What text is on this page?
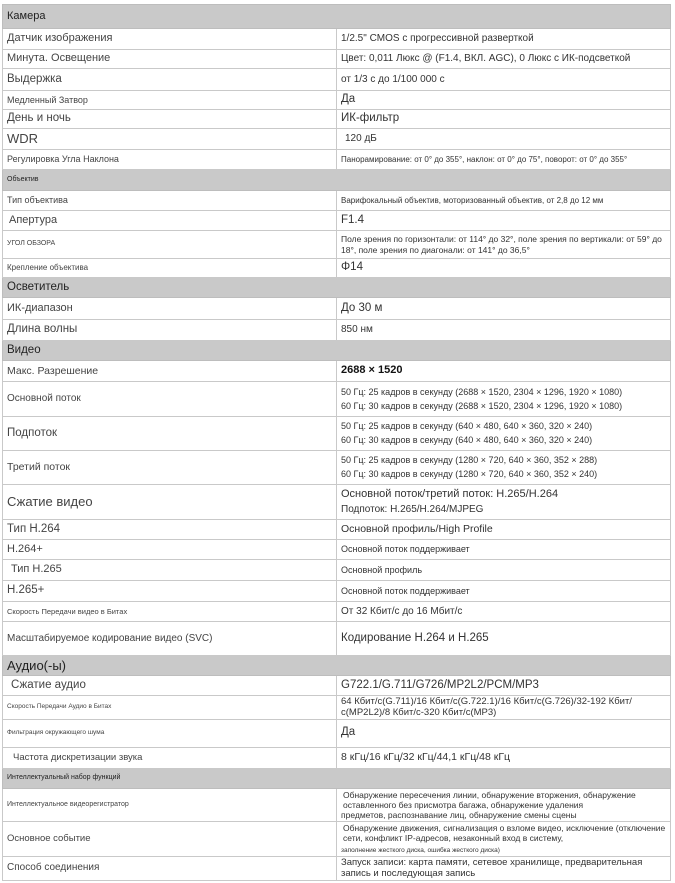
Камера	
Датчик изображения	1/2.5" CMOS с прогрессивной разверткой
Минута. Освещение	Цвет: 0,011 Люкс @ (F1.4, ВКЛ. AGC), 0 Люкс с ИК-подсветкой
Выдержка	от 1/3 с до 1/100 000 с
Медленный Затвор	Да
День и ночь	ИК-фильтр
WDR	120 дБ
Регулировка Угла Наклона	Панорамирование: от 0° до 355°, наклон: от 0° до 75°, поворот: от 0° до 355°
Объектив	
Тип объектива	Варифокальный объектив, моторизованный объектив, от 2,8 до 12 мм
Апертура	F1.4
УГОЛ ОБЗОРА	Поле зрения по горизонтали: от 114° до 32°, поле зрения по вертикали: от 59° до 18°, поле зрения по диагонали: от 141° до 36,5°
Крепление объектива	Φ14
Осветитель	
ИК-диапазон	До 30 м
Длина волны	850 нм
Видео	
Макс. Разрешение	2688 × 1520
Основной поток	50 Гц: 25 кадров в секунду (2688 × 1520, 2304 × 1296, 1920 × 1080)
60 Гц: 30 кадров в секунду (2688 × 1520, 2304 × 1296, 1920 × 1080)

Подпоток	50 Гц: 25 кадров в секунду (640 × 480, 640 × 360, 320 × 240)
60 Гц: 30 кадров в секунду (640 × 480, 640 × 360, 320 × 240)

Третий поток	50 Гц: 25 кадров в секунду (1280 × 720, 640 × 360, 352 × 288)
60 Гц: 30 кадров в секунду (1280 × 720, 640 × 360, 352 × 240)

Сжатие видео	Основной поток/третий поток: H.265/H.264
Подпоток: H.265/H.264/MJPEG

Тип H.264	Основной профиль/High Profile
H.264+	Основной поток поддерживает
Тип H.265	Основной профиль
H.265+	Основной поток поддерживает
Скорость Передачи видео в Битах	От 32 Кбит/с до 16 Мбит/с
Масштабируемое кодирование видео (SVC)	Кодирование H.264 и H.265
Аудио(-ы)	
Сжатие аудио	G722.1/G.711/G726/MP2L2/PCM/MP3
Скорость Передачи Аудио в Битах	64 Кбит/с(G.711)/16 Кбит/с(G.722.1)/16 Кбит/с(G.726)/32-192 Кбит/с(MP2L2)/8 Кбит/с-320 Кбит/с(MP3)
Фильтрация окружающего шума	Да
Частота дискретизации звука	8 кГц/16 кГц/32 кГц/44,1 кГц/48 кГц
Интеллектуальный набор функций	
Интеллектуальное видеорегистратор	Обнаружение пересечения линии, обнаружение вторжения, обнаружение оставленного без присмотра багажа, обнаружение удаления
предметов, распознавание лиц, обнаружение смены сцены

Основное событие	Обнаружение движения, сигнализация о взломе видео, исключение (отключение сети, конфликт IP-адресов, незаконный вход в систему,
заполнение жесткого диска, ошибка жесткого диска)

Способ соединения	Запуск записи: карта памяти, сетевое хранилище, предварительная запись и последующая запись
